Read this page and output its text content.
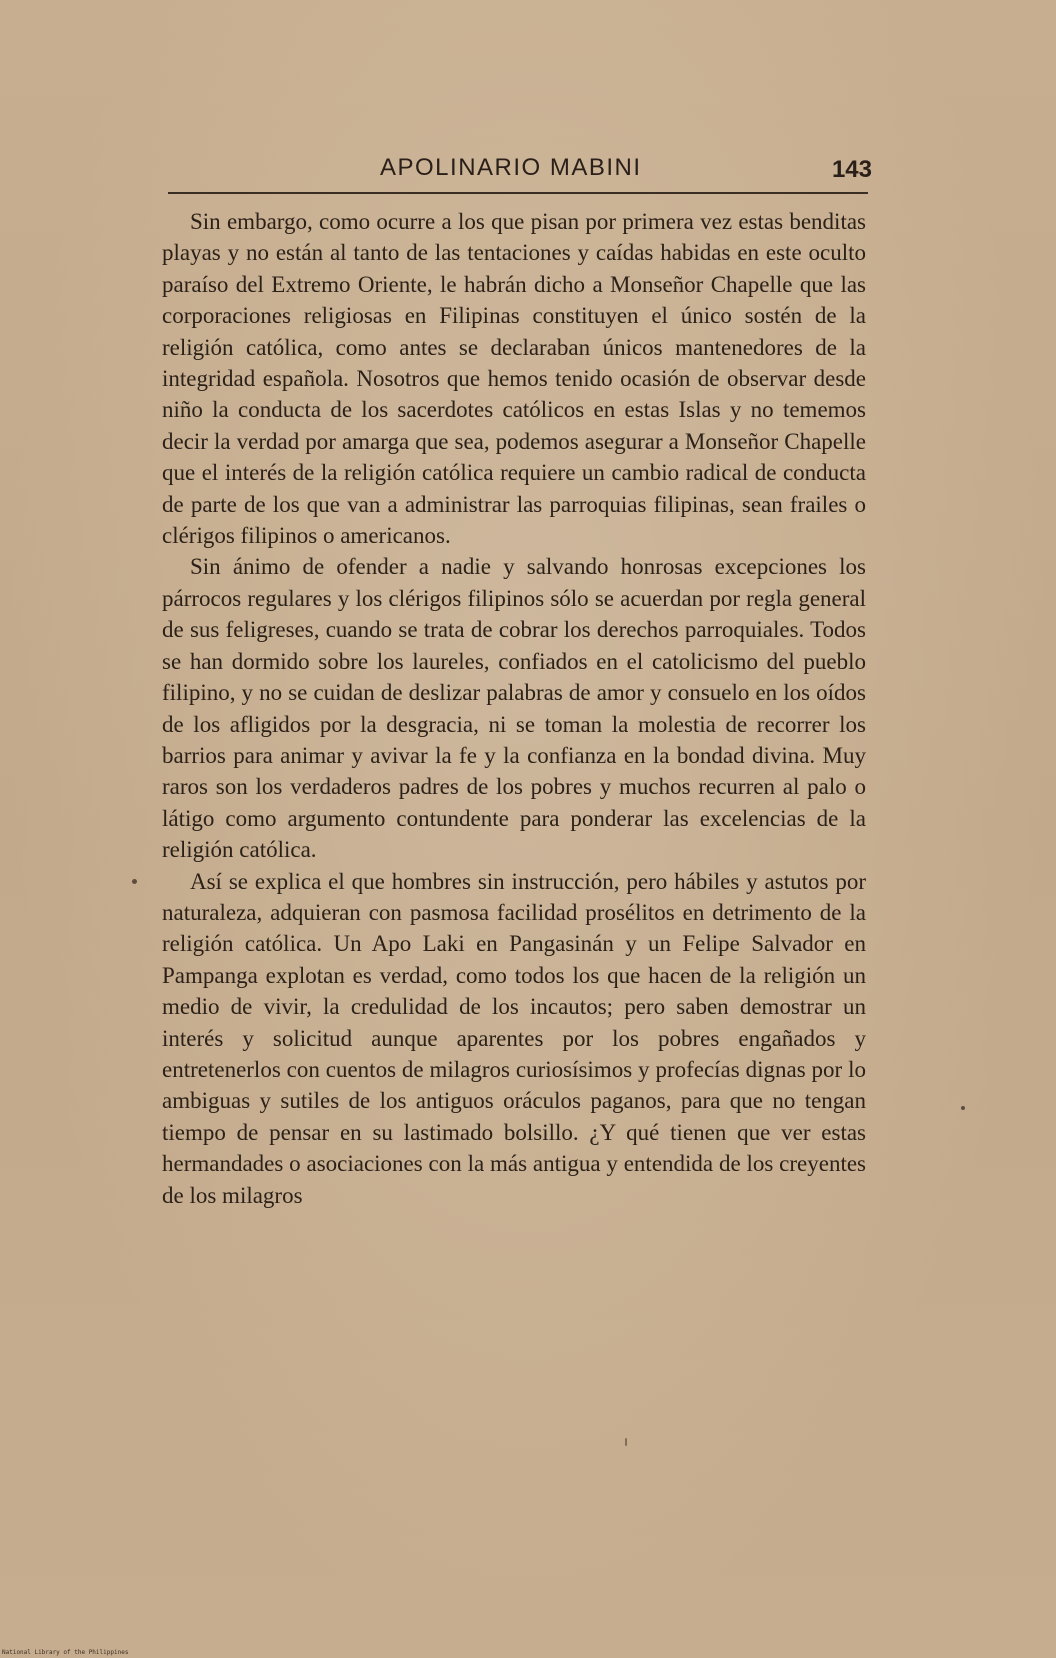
APOLINARIO MABINI	143

Sin embargo, como ocurre a los que pisan por primera vez estas benditas playas y no están al tanto de las tentaciones y caídas habidas en este oculto paraíso del Extremo Oriente, le habrán dicho a Monseñor Chapelle que las corporaciones religiosas en Filipinas constituyen el único sostén de la religión católica, como antes se declaraban únicos mantenedores de la integridad española. Nosotros que hemos tenido ocasión de observar desde niño la conducta de los sacerdotes católicos en estas Islas y no tememos decir la verdad por amarga que sea, podemos asegurar a Monseñor Chapelle que el interés de la religión católica requiere un cambio radical de conducta de parte de los que van a administrar las parroquias filipinas, sean frailes o clérigos filipinos o americanos.

Sin ánimo de ofender a nadie y salvando honrosas excepciones los párrocos regulares y los clérigos filipinos sólo se acuerdan por regla general de sus feligreses, cuando se trata de cobrar los derechos parroquiales. Todos se han dormido sobre los laureles, confiados en el catolicismo del pueblo filipino, y no se cuidan de deslizar palabras de amor y consuelo en los oídos de los afligidos por la desgracia, ni se toman la molestia de recorrer los barrios para animar y avivar la fe y la confianza en la bondad divina. Muy raros son los verdaderos padres de los pobres y muchos recurren al palo o látigo como argumento contundente para ponderar las excelencias de la religión católica.

Así se explica el que hombres sin instrucción, pero hábiles y astutos por naturaleza, adquieran con pasmosa facilidad prosélitos en detrimento de la religión católica. Un Apo Laki en Pangasinán y un Felipe Salvador en Pampanga explotan es verdad, como todos los que hacen de la religión un medio de vivir, la credulidad de los incautos; pero saben demostrar un interés y solicitud aunque aparentes por los pobres engañados y entretenerlos con cuentos de milagros curiosísimos y profecías dignas por lo ambiguas y sutiles de los antiguos oráculos paganos, para que no tengan tiempo de pensar en su lastimado bolsillo. ¿Y qué tienen que ver estas hermandades o asociaciones con la más antigua y entendida de los creyentes de los milagros

National Library of the Philippines
